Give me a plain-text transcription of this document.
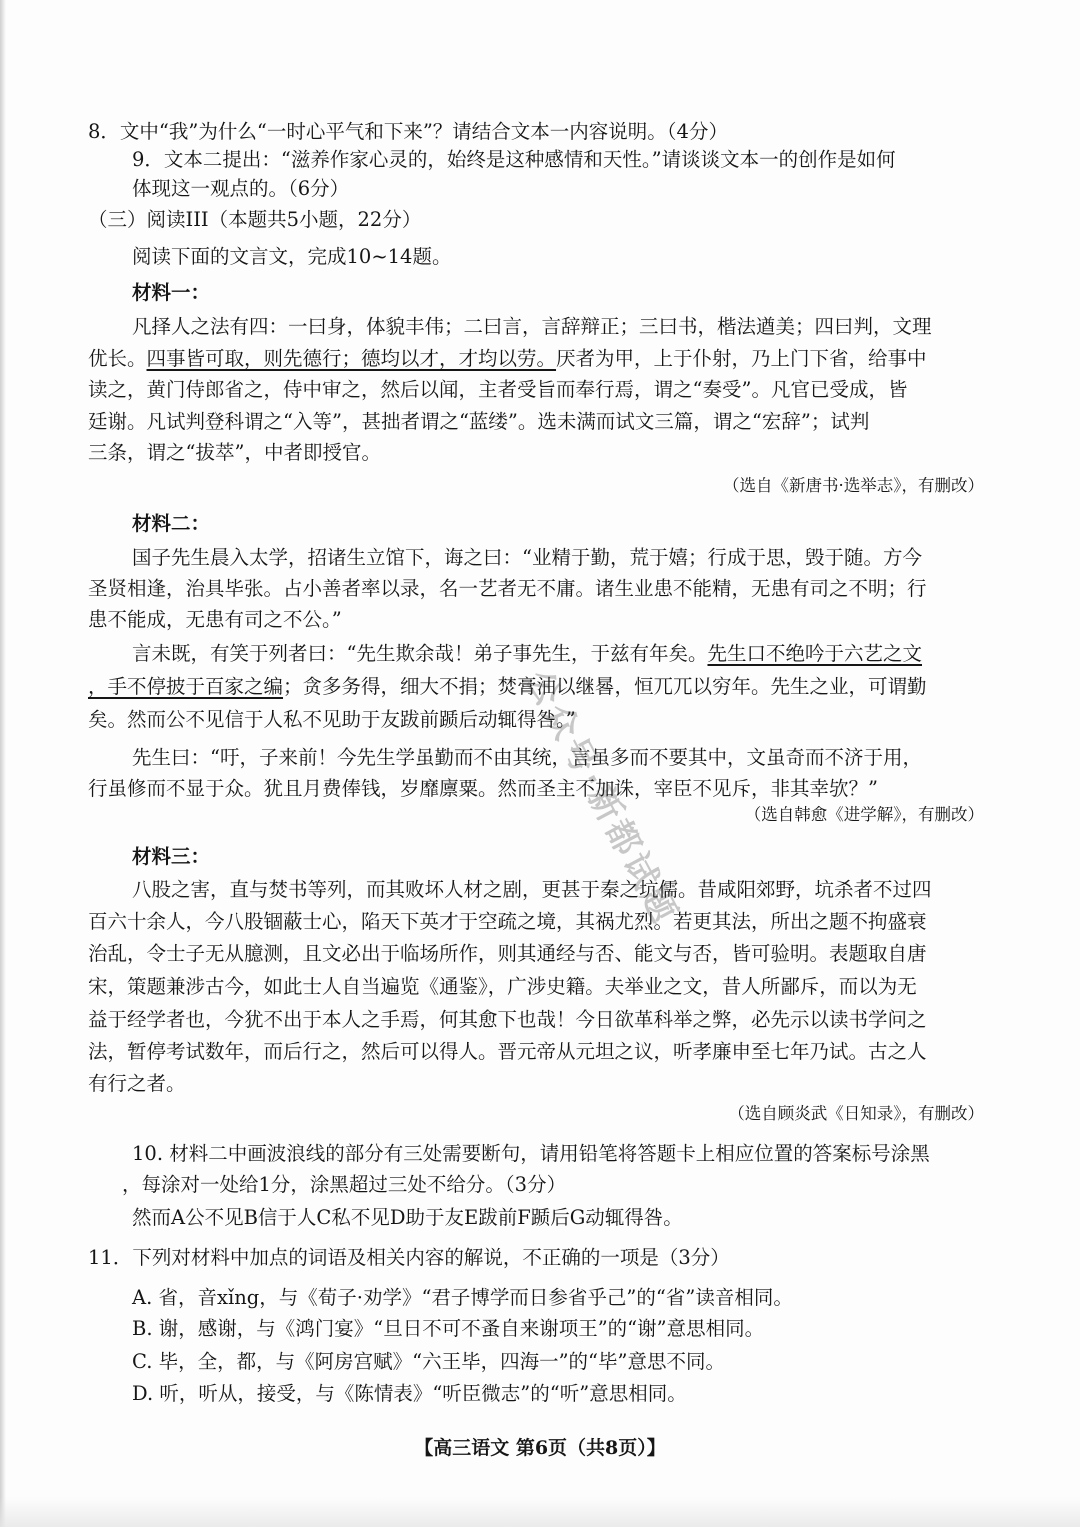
8．文中“我”为什么“一时心平气和下来”？请结合文本一内容说明。（4分）

9．文本二提出：“滋养作家心灵的，始终是这种感情和天性。”请谈谈文本一的创作是如何

体现这一观点的。（6分）

（三）阅读III（本题共5小题，22分）

阅读下面的文言文，完成10~14题。

材料一：

凡择人之法有四：一曰身，体貌丰伟；二曰言，言辞辩正；三曰书，楷法遒美；四曰判，文理

优长。四事皆可取，则先德行；德均以才，才均以劳。厌者为甲，上于仆射，乃上门下省，给事中

读之，黄门侍郎省之，侍中审之，然后以闻，主者受旨而奉行焉，谓之“奏受”。凡官已受成，皆

廷谢。凡试判登科谓之“入等”，甚拙者谓之“蓝缕”。选未满而试文三篇，谓之“宏辞”；试判

三条，谓之“拔萃”，中者即授官。

（选自《新唐书·选举志》，有删改）

材料二：

国子先生晨入太学，招诸生立馆下，诲之曰：“业精于勤，荒于嬉；行成于思，毁于随。方今

圣贤相逢，治具毕张。占小善者率以录，名一艺者无不庸。诸生业患不能精，无患有司之不明；行

患不能成，无患有司之不公。”

言未既，有笑于列者曰：“先生欺余哉！弟子事先生，于兹有年矣。先生口不绝吟于六艺之文

，手不停披于百家之编；贪多务得，细大不捐；焚膏油以继晷，恒兀兀以穷年。先生之业，可谓勤

矣。然而公不见信于人私不见助于友跋前踬后动辄得咎。”

先生曰：“吁，子来前！今先生学虽勤而不由其统，言虽多而不要其中，文虽奇而不济于用，

行虽修而不显于众。犹且月费俸钱，岁靡廪粟。然而圣主不加诛，宰臣不见斥，非其幸欤？”

（选自韩愈《进学解》，有删改）

材料三：

八股之害，直与焚书等列，而其败坏人材之剧，更甚于秦之坑儒。昔咸阳郊野，坑杀者不过四

百六十余人，今八股锢蔽士心，陷天下英才于空疏之境，其祸尤烈。若更其法，所出之题不拘盛衰

治乱，令士子无从臆测，且文必出于临场所作，则其通经与否、能文与否，皆可验明。表题取自唐

宋，策题兼涉古今，如此士人自当遍览《通鉴》，广涉史籍。夫举业之文，昔人所鄙斥，而以为无

益于经学者也，今犹不出于本人之手焉，何其愈下也哉！今日欲革科举之弊，必先示以读书学问之

法，暂停考试数年，而后行之，然后可以得人。晋元帝从元坦之议，听孝廉申至七年乃试。古之人

有行之者。

（选自顾炎武《日知录》，有删改）

10. 材料二中画波浪线的部分有三处需要断句，请用铅笔将答题卡上相应位置的答案标号涂黑

，每涂对一处给1分，涂黑超过三处不给分。（3分）

然而A公不见B信于人C私不见D助于友E跋前F踬后G动辄得咎。

11．下列对材料中加点的词语及相关内容的解说，不正确的一项是（3分）

A. 省，音xǐng，与《荀子·劝学》“君子博学而日参省乎己”的“省”读音相同。

B. 谢，感谢，与《鸿门宴》“旦日不可不蚤自来谢项王”的“谢”意思相同。

C. 毕，全，都，与《阿房宫赋》“六王毕，四海一”的“毕”意思不同。

D. 听，听从，接受，与《陈情表》“听臣微志”的“听”意思相同。

【高三语文 第6页（共8页）】
公众号·新都试题
